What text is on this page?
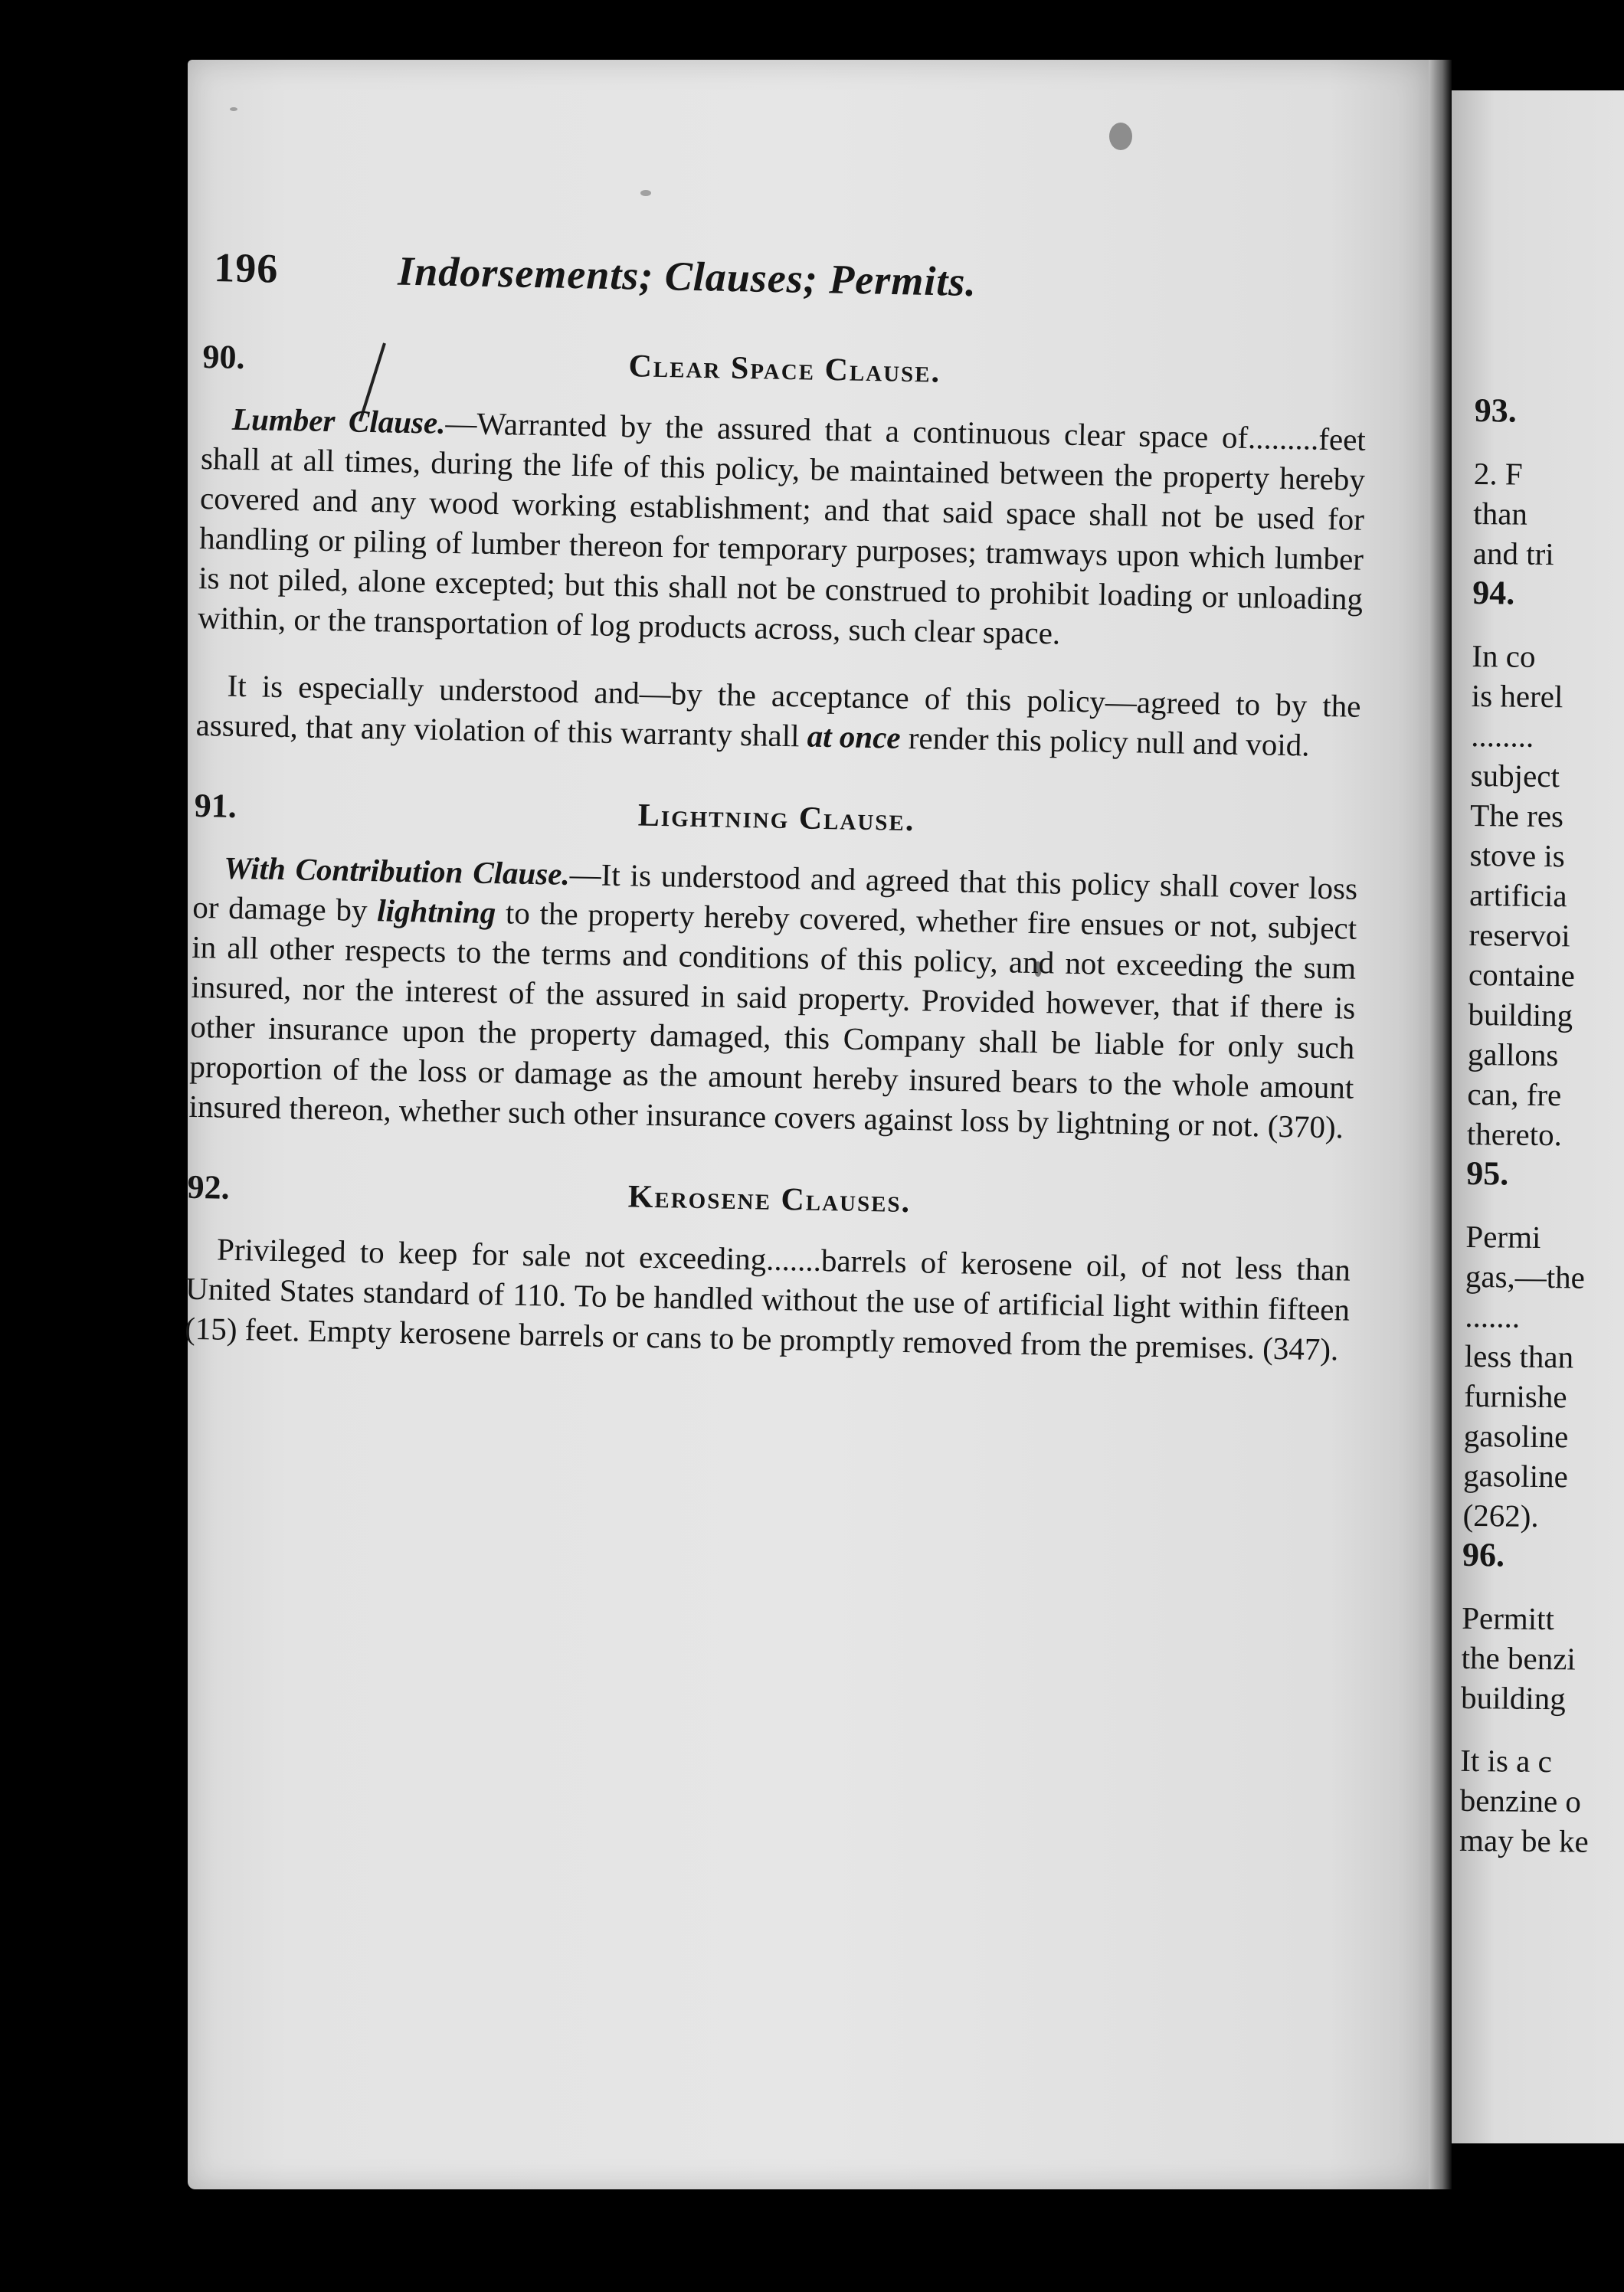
196	Indorsements; Clauses; Permits.
90.	Clear Space Clause.

Lumber Clause.—Warranted by the assured that a continuous clear space of.........feet shall at all times, during the life of this policy, be maintained between the property hereby covered and any wood working establishment; and that said space shall not be used for handling or piling of lumber thereon for temporary purposes; tramways upon which lumber is not piled, alone excepted; but this shall not be construed to prohibit loading or unloading within, or the transportation of log products across, such clear space.

It is especially understood and—by the acceptance of this policy—agreed to by the assured, that any violation of this warranty shall at once render this policy null and void.

91.	Lightning Clause.

With Contribution Clause.—It is understood and agreed that this policy shall cover loss or damage by lightning to the property hereby covered, whether fire ensues or not, subject in all other respects to the terms and conditions of this policy, and not exceeding the sum insured, nor the interest of the assured in said property. Provided however, that if there is other insurance upon the property damaged, this Company shall be liable for only such proportion of the loss or damage as the amount hereby insured bears to the whole amount insured thereon, whether such other insurance covers against loss by lightning or not. (370).

92.	Kerosene Clauses.

Privileged to keep for sale not exceeding.......barrels of kerosene oil, of not less than United States standard of 110. To be handled without the use of artificial light within fifteen (15) feet. Empty kerosene barrels or cans to be promptly removed from the premises. (347).

93.
2. F
than
and tri
94.
In co
is herel
........
subject
The res
stove is
artificia
reservoi
containe
building
gallons
can, fre
thereto.
95.
Permi
gas,—the
.......
less than
furnishe
gasoline
gasoline
(262).
96.
Permitt
the benzi
building
It is a c
benzine o
may be ke
